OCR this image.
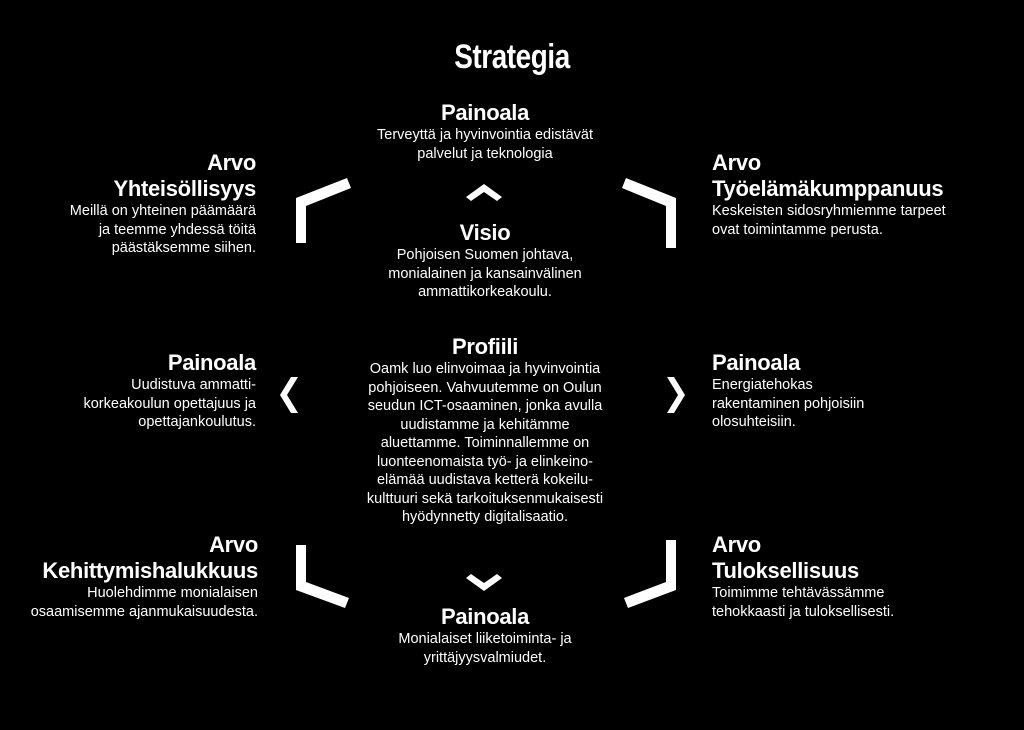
Strategia
Painoala
Terveyttä ja hyvinvointia edistävät
palvelut ja teknologia
Visio
Pohjoisen Suomen johtava,
monialainen ja kansainvälinen
ammattikorkeakoulu.
Profiili
Oamk luo elinvoimaa ja hyvinvointia
pohjoiseen. Vahvuutemme on Oulun
seudun ICT-osaaminen, jonka avulla
uudistamme ja kehitämme
aluettamme. Toiminnallemme on
luonteenomaista työ- ja elinkeino-
elämää uudistava ketterä kokeilu-
kulttuuri sekä tarkoituksenmukaisesti
hyödynnetty digitalisaatio.
Painoala
Monialaiset liiketoiminta- ja
yrittäjyysvalmiudet.
Arvo
Yhteisöllisyys
Meillä on yhteinen päämäärä
ja teemme yhdessä töitä
päästäksemme siihen.
Arvo
Työelämäkumppanuus
Keskeisten sidosryhmiemme tarpeet
ovat toimintamme perusta.
Painoala
Uudistuva ammatti-
korkeakoulun opettajuus ja
opettajankoulutus.
Painoala
Energiatehokas
rakentaminen pohjoisiin
olosuhteisiin.
Arvo
Kehittymishalukkuus
Huolehdimme monialaisen
osaamisemme ajanmukaisuudesta.
Arvo
Tuloksellisuus
Toimimme tehtävässämme
tehokkaasti ja tuloksellisesti.
